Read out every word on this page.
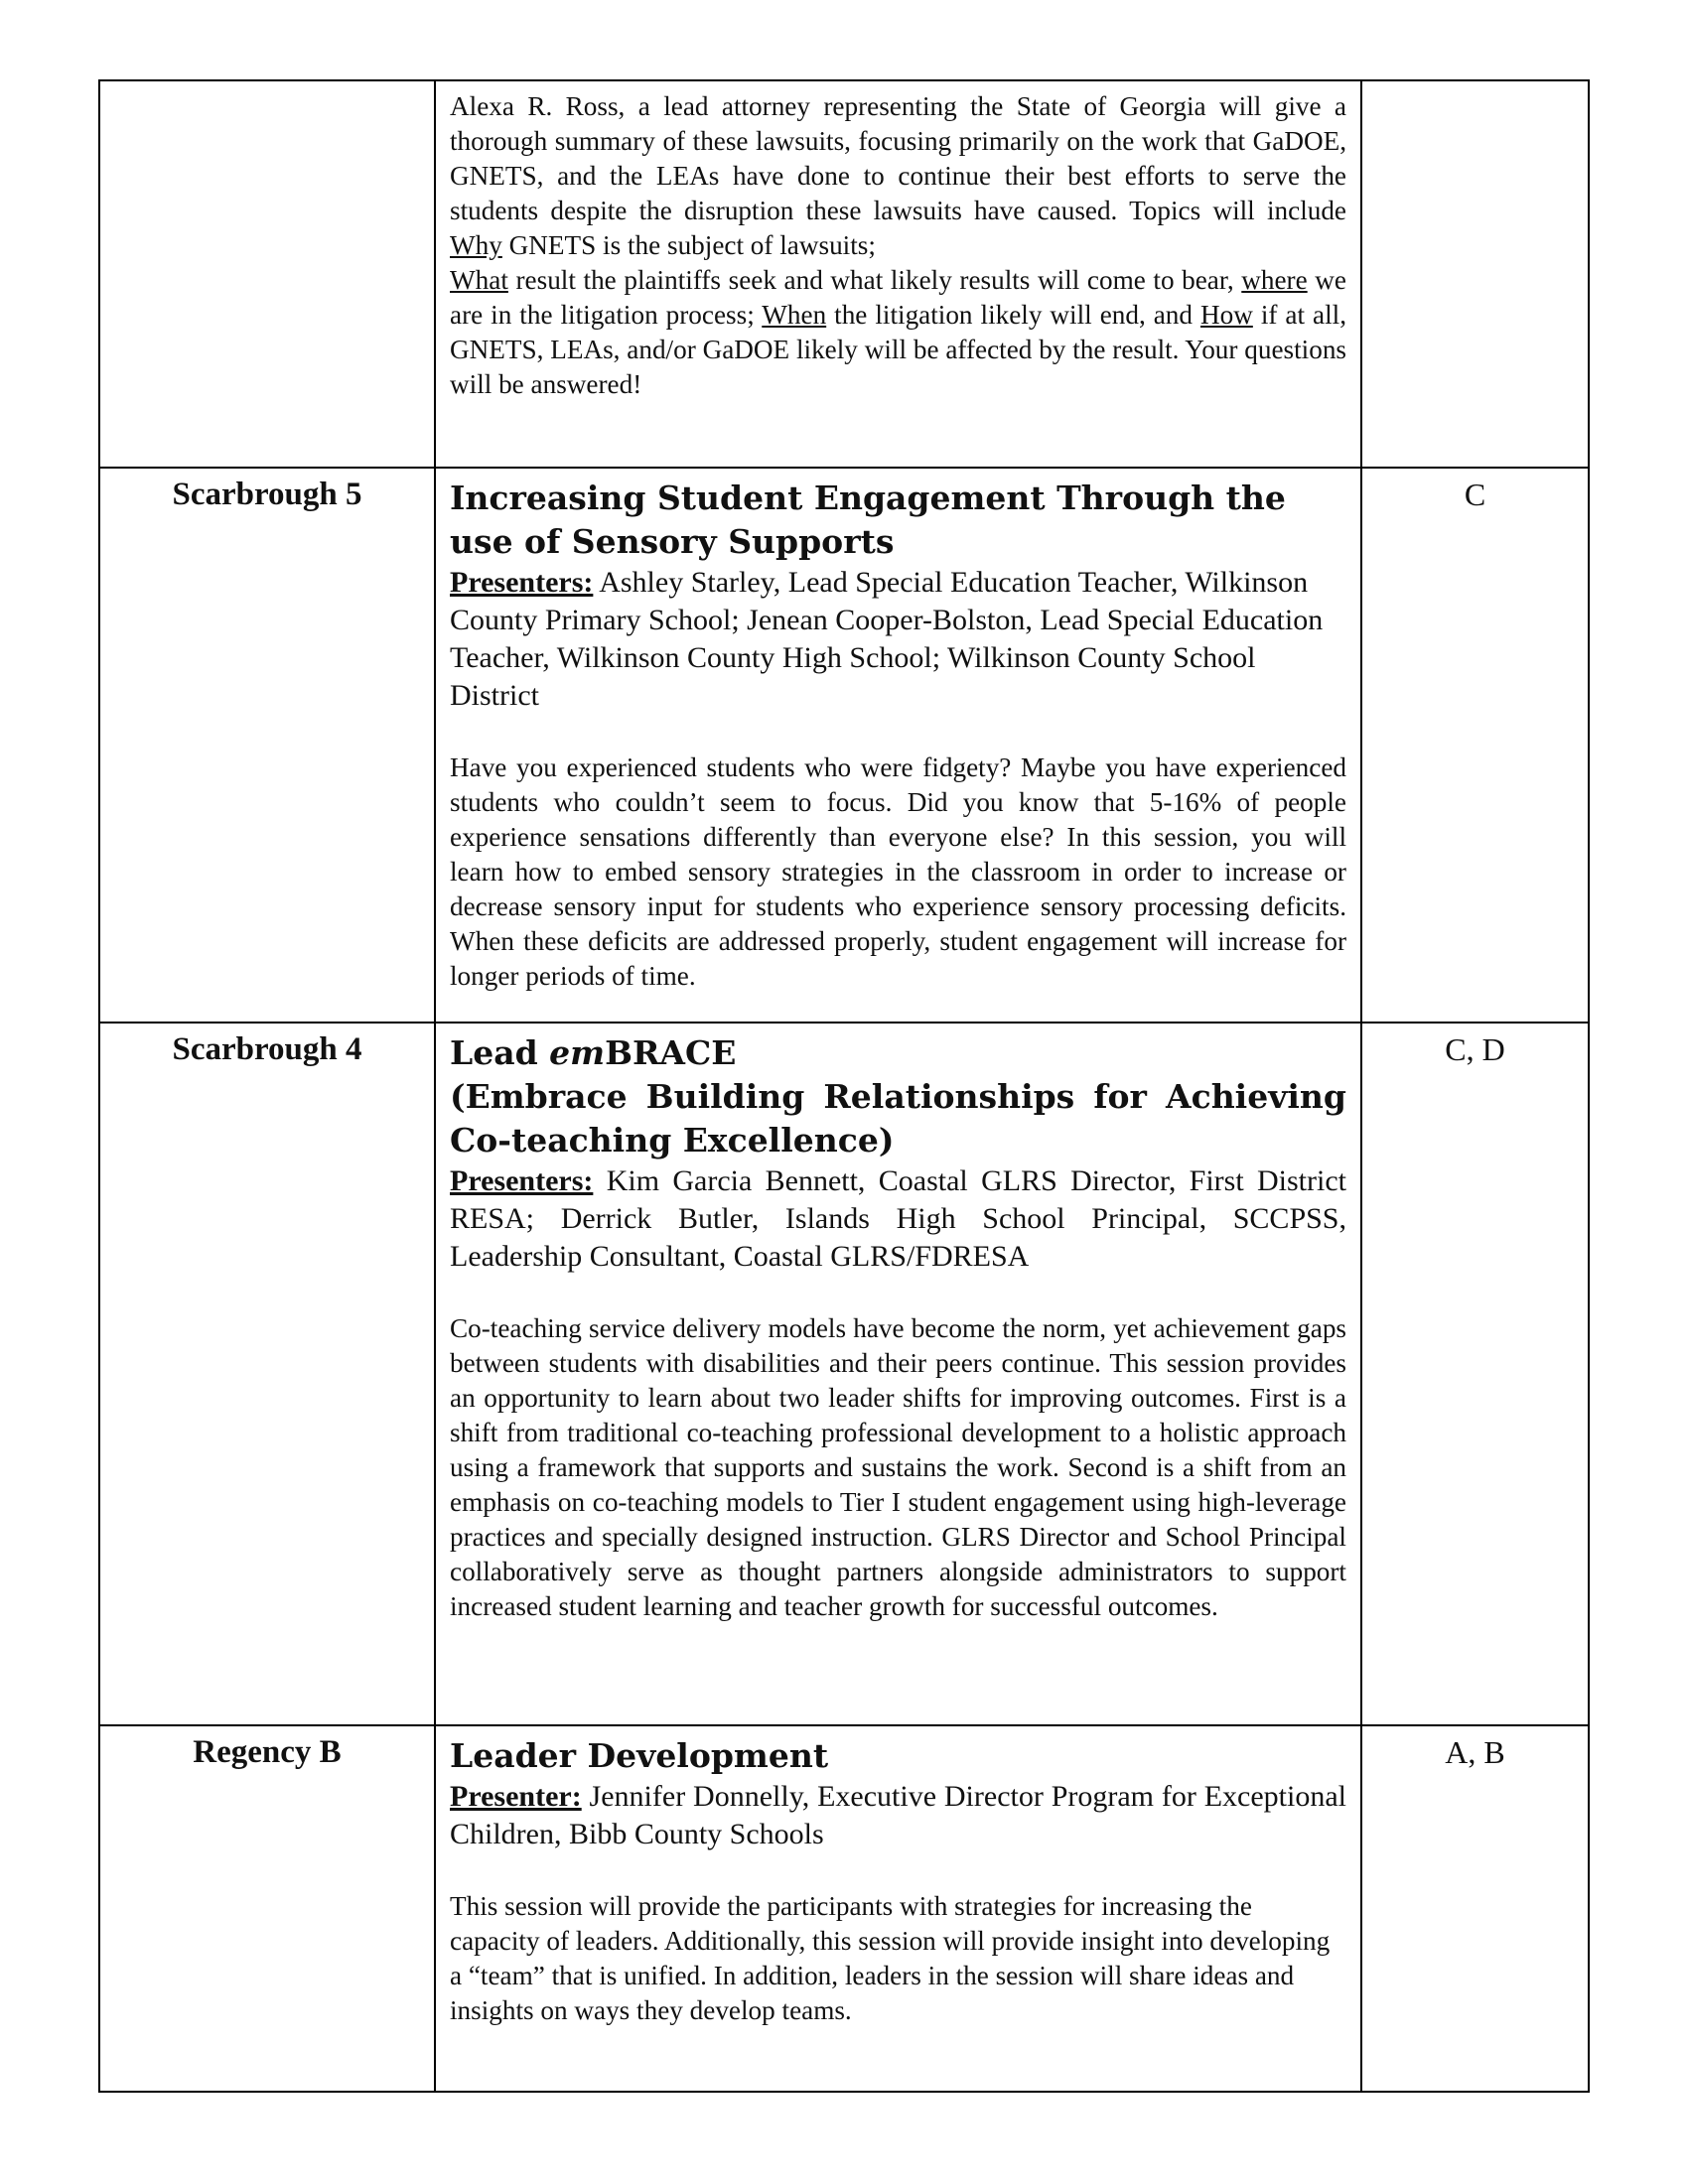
	Alexa R. Ross, a lead attorney representing the State of Georgia will give a thorough summary of these lawsuits, focusing primarily on the work that GaDOE, GNETS, and the LEAs have done to continue their best efforts to serve the students despite the disruption these lawsuits have caused. Topics will include Why GNETS is the subject of lawsuits;
What result the plaintiffs seek and what likely results will come to bear, where we are in the litigation process; When the litigation likely will end, and How if at all, GNETS, LEAs, and/or GaDOE likely will be affected by the result. Your questions will be answered!	

Scarbrough 5	Increasing Student Engagement Through the use of Sensory Supports

Presenters: Ashley Starley, Lead Special Education Teacher, Wilkinson County Primary School; Jenean Cooper-Bolston, Lead Special Education Teacher, Wilkinson County High School; Wilkinson County School District

Have you experienced students who were fidgety? Maybe you have experienced students who couldn’t seem to focus. Did you know that 5-16% of people experience sensations differently than everyone else? In this session, you will learn how to embed sensory strategies in the classroom in order to increase or decrease sensory input for students who experience sensory processing deficits. When these deficits are addressed properly, student engagement will increase for longer periods of time.	C
Scarbrough 4	Lead emBRACE
(Embrace Building Relationships for Achieving Co-teaching Excellence)

Presenters: Kim Garcia Bennett, Coastal GLRS Director, First District RESA; Derrick Butler, Islands High School Principal, SCCPSS, Leadership Consultant, Coastal GLRS/FDRESA

Co-teaching service delivery models have become the norm, yet achievement gaps between students with disabilities and their peers continue. This session provides an opportunity to learn about two leader shifts for improving outcomes. First is a shift from traditional co-teaching professional development to a holistic approach using a framework that supports and sustains the work. Second is a shift from an emphasis on co-teaching models to Tier I student engagement using high-leverage practices and specially designed instruction. GLRS Director and School Principal collaboratively serve as thought partners alongside administrators to support increased student learning and teacher growth for successful outcomes.	C, D
Regency B	Leader Development

Presenter: Jennifer Donnelly, Executive Director Program for Exceptional Children, Bibb County Schools

This session will provide the participants with strategies for increasing the capacity of leaders. Additionally, this session will provide insight into developing a “team” that is unified. In addition, leaders in the session will share ideas and insights on ways they develop teams.	A, B
